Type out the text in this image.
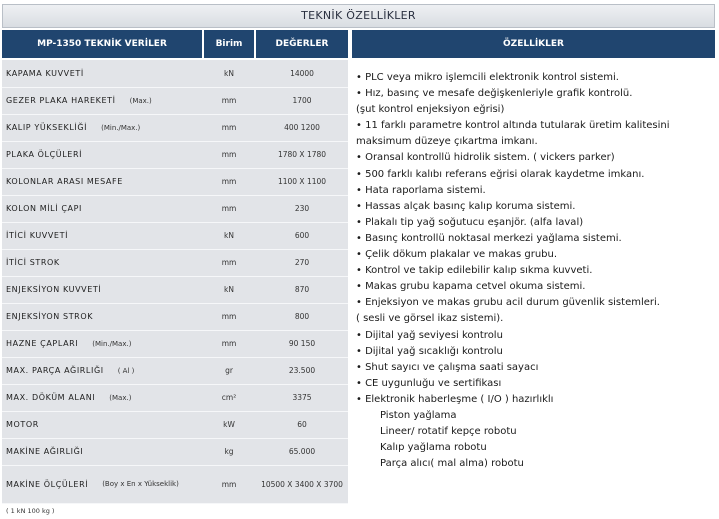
TEKNİK ÖZELLİKLER
MP-1350 TEKNİK VERİLER	Birim	DEĞERLER	ÖZELLİKLER
KAPAMA KUVVETİ	kN	14000
GEZER PLAKA HAREKETİ (Max.)	mm	1700
KALIP YÜKSEKLİĞİ (Min./Max.)	mm	400 1200
PLAKA ÖLÇÜLERİ	mm	1780 X 1780
KOLONLAR ARASI MESAFE	mm	1100 X 1100
KOLON MİLİ ÇAPI	mm	230
İTİCİ KUVVETİ	kN	600
İTİCİ STROK	mm	270
ENJEKSİYON KUVVETİ	kN	870
ENJEKSİYON STROK	mm	800
HAZNE ÇAPLARI (Min./Max.)	mm	90 150
MAX. PARÇA AĞIRLIĞI ( Al )	gr	23.500
MAX. DÖKÜM ALANI (Max.)	cm²	3375
MOTOR	kW	60
MAKİNE AĞIRLIĞI	kg	65.000
MAKİNE ÖLÇÜLERİ (Boy x En x Yükseklik)	mm	10500 X 3400 X 3700
• PLC veya mikro işlemcili elektronik kontrol sistemi.
• Hız, basınç ve mesafe değişkenleriyle grafik kontrolü.
(şut kontrol enjeksiyon eğrisi)
• 11 farklı parametre kontrol altında tutularak üretim kalitesini
maksimum düzeye çıkartma imkanı.
• Oransal kontrollü hidrolik sistem. ( vickers parker)
• 500 farklı kalıbı referans eğrisi olarak kaydetme imkanı.
• Hata raporlama sistemi.
• Hassas alçak basınç kalıp koruma sistemi.
• Plakalı tip yağ soğutucu eşanjör. (alfa laval)
• Basınç kontrollü noktasal merkezi yağlama sistemi.
• Çelik dökum plakalar ve makas grubu.
• Kontrol ve takip edilebilir kalıp sıkma kuvveti.
• Makas grubu kapama cetvel okuma sistemi.
• Enjeksiyon ve makas grubu acil durum güvenlik sistemleri.
( sesli ve görsel ikaz sistemi).
• Dijital yağ seviyesi kontrolu
• Dijital yağ sıcaklığı kontrolu
• Shut sayıcı ve çalışma saati sayacı
• CE uygunluğu ve sertifikası
• Elektronik haberleşme ( I/O ) hazırlıklı
Piston yağlama
Lineer/ rotatif kepçe robotu
Kalıp yağlama robotu
Parça alıcı( mal alma) robotu
( 1 kN 100 kg )
